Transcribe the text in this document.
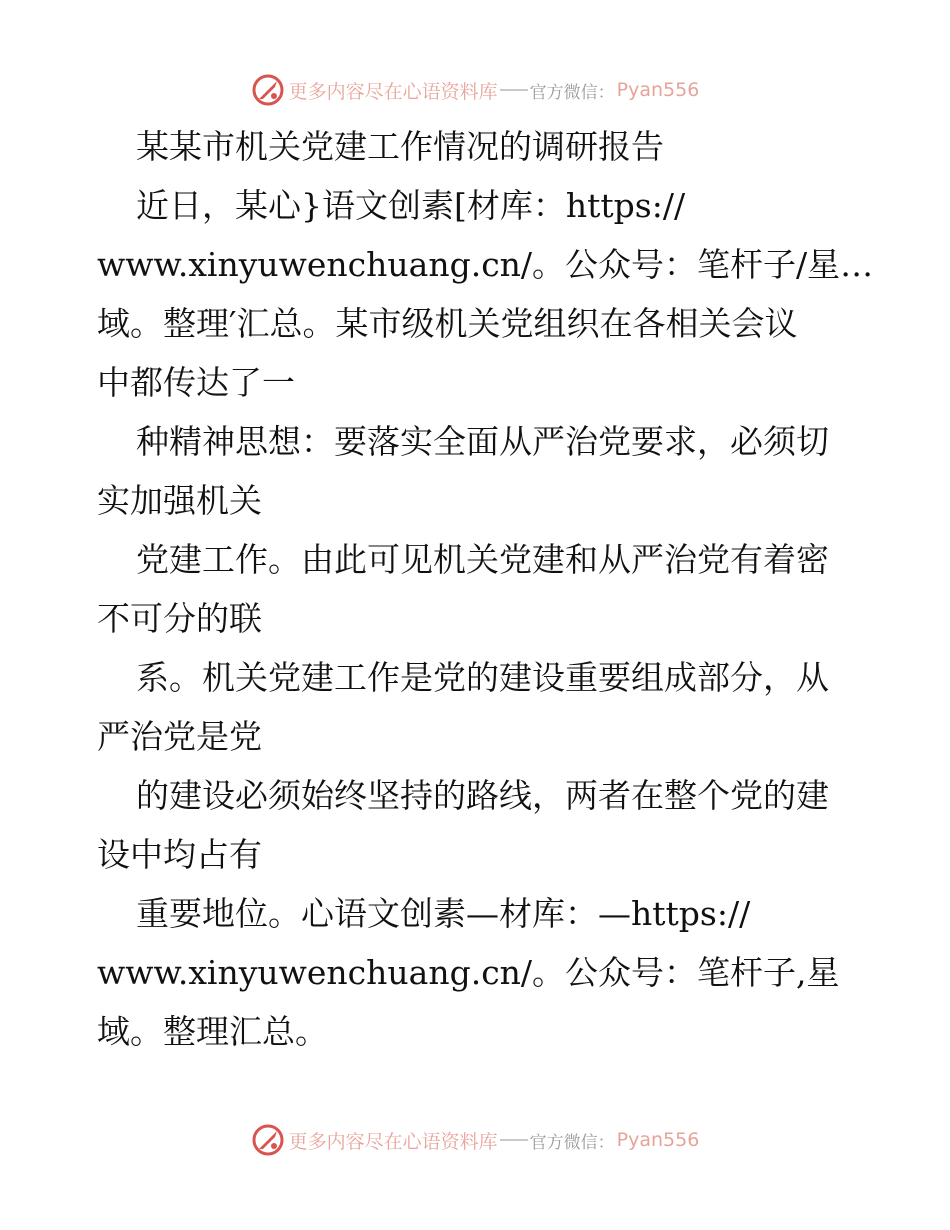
更多内容尽在心语资料库 官方微信： Pyan556
某某市机关党建工作情况的调研报告
近日，某心}语文创素[材库：https://
www.xinyuwenchuang.cn/。公众号：笔杆子/星…
域。整理′汇总。某市级机关党组织在各相关会议
中都传达了一
种精神思想：要落实全面从严治党要求，必须切
实加强机关
党建工作。由此可见机关党建和从严治党有着密
不可分的联
系。机关党建工作是党的建设重要组成部分，从
严治党是党
的建设必须始终坚持的路线，两者在整个党的建
设中均占有
重要地位。心语文创素—材库：—https://
www.xinyuwenchuang.cn/。公众号：笔杆子,星
域。整理汇总。
更多内容尽在心语资料库 官方微信： Pyan556
